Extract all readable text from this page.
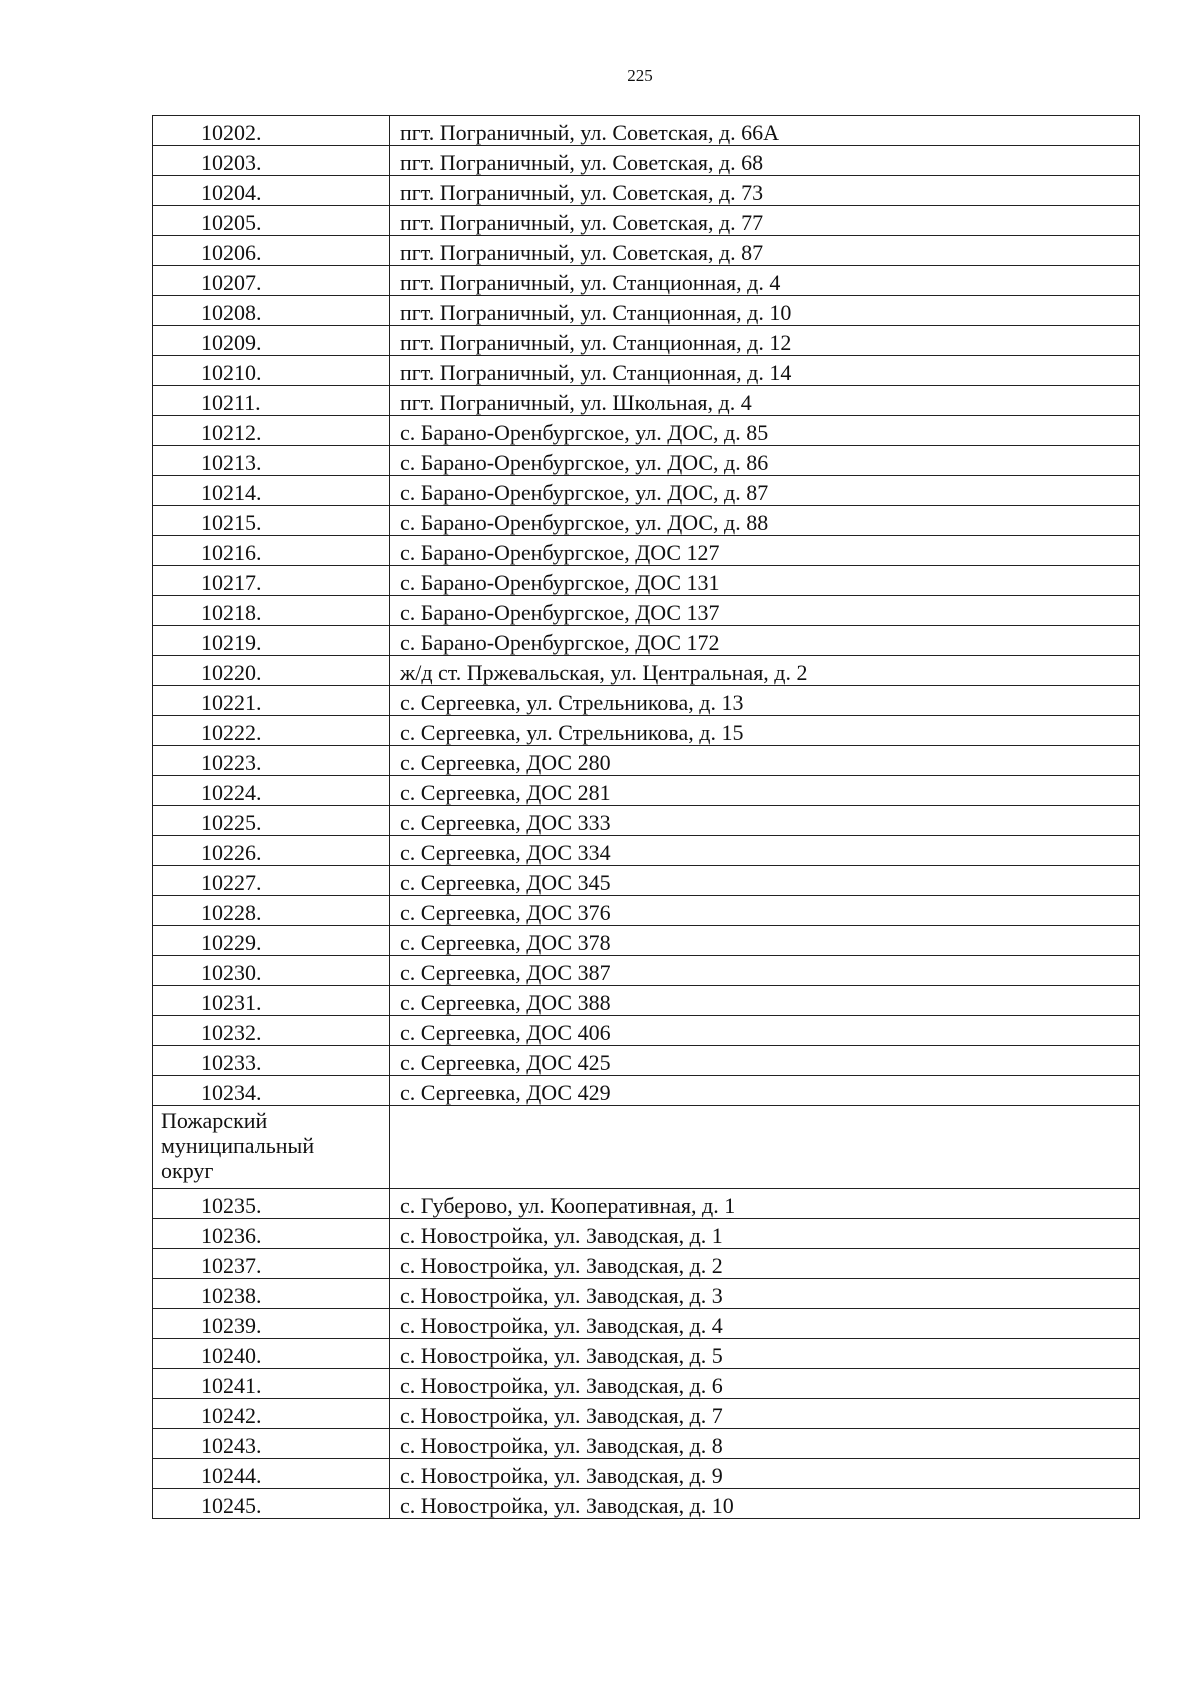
225
10202.	пгт. Пограничный, ул. Советская, д. 66А
10203.	пгт. Пограничный, ул. Советская, д. 68
10204.	пгт. Пограничный, ул. Советская, д. 73
10205.	пгт. Пограничный, ул. Советская, д. 77
10206.	пгт. Пограничный, ул. Советская, д. 87
10207.	пгт. Пограничный, ул. Станционная, д. 4
10208.	пгт. Пограничный, ул. Станционная, д. 10
10209.	пгт. Пограничный, ул. Станционная, д. 12
10210.	пгт. Пограничный, ул. Станционная, д. 14
10211.	пгт. Пограничный, ул. Школьная, д. 4
10212.	с. Барано-Оренбургское, ул. ДОС, д. 85
10213.	с. Барано-Оренбургское, ул. ДОС, д. 86
10214.	с. Барано-Оренбургское, ул. ДОС, д. 87
10215.	с. Барано-Оренбургское, ул. ДОС, д. 88
10216.	с. Барано-Оренбургское, ДОС 127
10217.	с. Барано-Оренбургское, ДОС 131
10218.	с. Барано-Оренбургское, ДОС 137
10219.	с. Барано-Оренбургское, ДОС 172
10220.	ж/д ст. Пржевальская, ул. Центральная, д. 2
10221.	с. Сергеевка, ул. Стрельникова, д. 13
10222.	с. Сергеевка, ул. Стрельникова, д. 15
10223.	с. Сергеевка, ДОС 280
10224.	с. Сергеевка, ДОС 281
10225.	с. Сергеевка, ДОС 333
10226.	с. Сергеевка, ДОС 334
10227.	с. Сергеевка, ДОС 345
10228.	с. Сергеевка, ДОС 376
10229.	с. Сергеевка, ДОС 378
10230.	с. Сергеевка, ДОС 387
10231.	с. Сергеевка, ДОС 388
10232.	с. Сергеевка, ДОС 406
10233.	с. Сергеевка, ДОС 425
10234.	с. Сергеевка, ДОС 429

Пожарский
муниципальный
округ	

10235.	с. Губерово, ул. Кооперативная, д. 1
10236.	с. Новостройка, ул. Заводская, д. 1
10237.	с. Новостройка, ул. Заводская, д. 2
10238.	с. Новостройка, ул. Заводская, д. 3
10239.	с. Новостройка, ул. Заводская, д. 4
10240.	с. Новостройка, ул. Заводская, д. 5
10241.	с. Новостройка, ул. Заводская, д. 6
10242.	с. Новостройка, ул. Заводская, д. 7
10243.	с. Новостройка, ул. Заводская, д. 8
10244.	с. Новостройка, ул. Заводская, д. 9
10245.	с. Новостройка, ул. Заводская, д. 10
